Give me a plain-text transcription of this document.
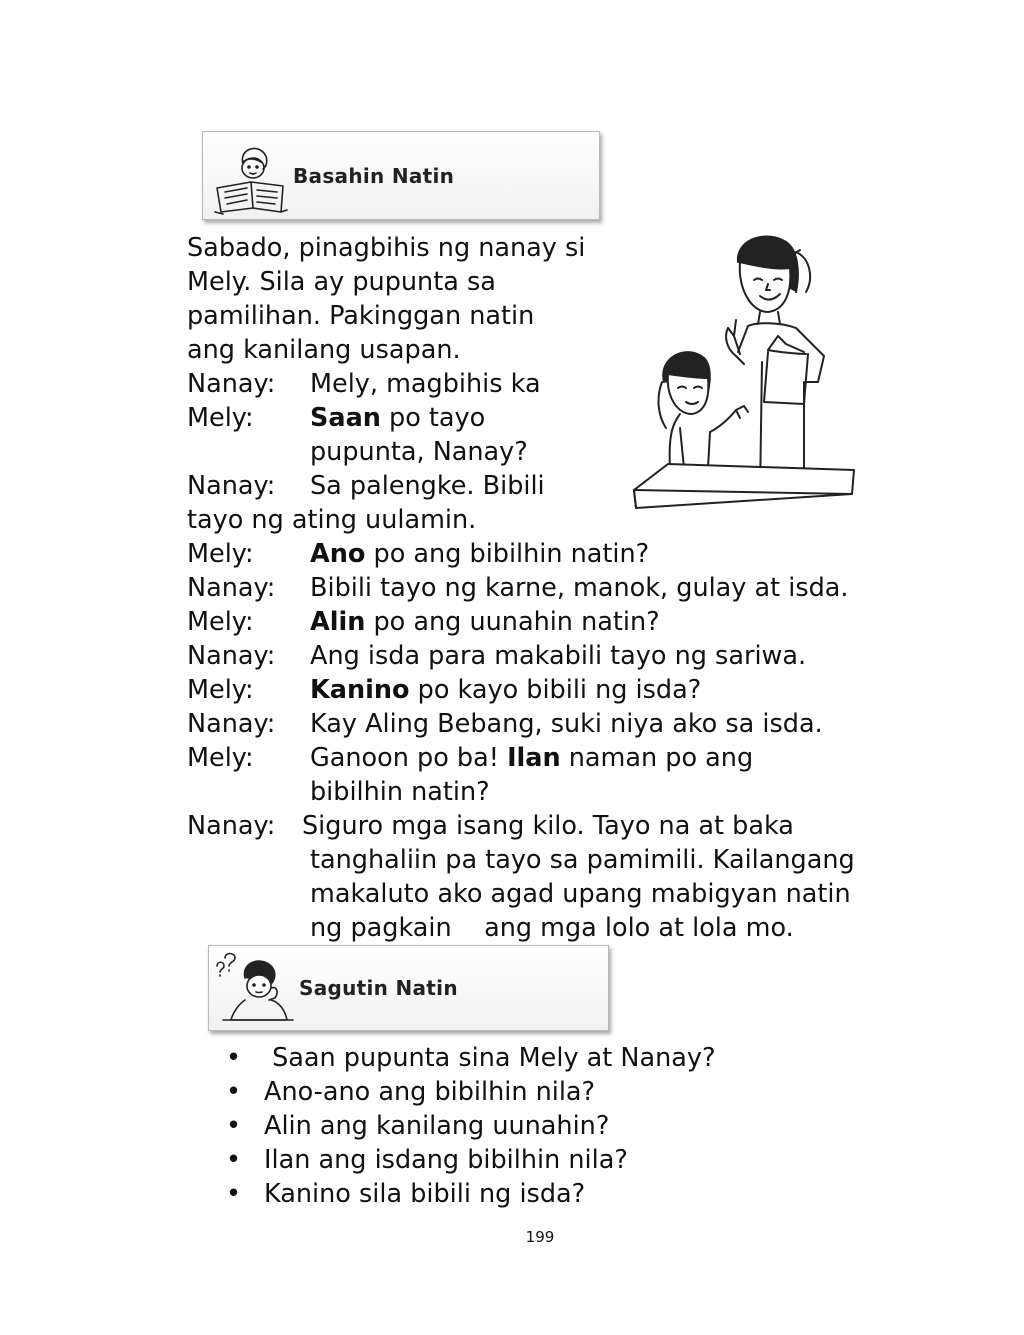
Basahin Natin
Sabado, pinagbihis ng nanay si
Mely. Sila ay pupunta sa
pamilihan. Pakinggan natin
ang kanilang usapan.
Nanay: Mely, magbihis ka
Mely: Saan po tayo
pupunta, Nanay?
Nanay: Sa palengke. Bibili
tayo ng ating uulamin.
Mely: Ano po ang bibilhin natin?
Nanay: Bibili tayo ng karne, manok, gulay at isda.
Mely: Alin po ang uunahin natin?
Nanay: Ang isda para makabili tayo ng sariwa.
Mely: Kanino po kayo bibili ng isda?
Nanay: Kay Aling Bebang, suki niya ako sa isda.
Mely: Ganoon po ba! Ilan naman po ang
bibilhin natin?
Nanay: Siguro mga isang kilo. Tayo na at baka
tanghaliin pa tayo sa pamimili. Kailangang
makaluto ako agad upang mabigyan natin
ng pagkain    ang mga lolo at lola mo.
Sagutin Natin
• Saan pupunta sina Mely at Nanay?
• Ano-ano ang bibilhin nila?
• Alin ang kanilang uunahin?
• Ilan ang isdang bibilhin nila?
• Kanino sila bibili ng isda?
199
